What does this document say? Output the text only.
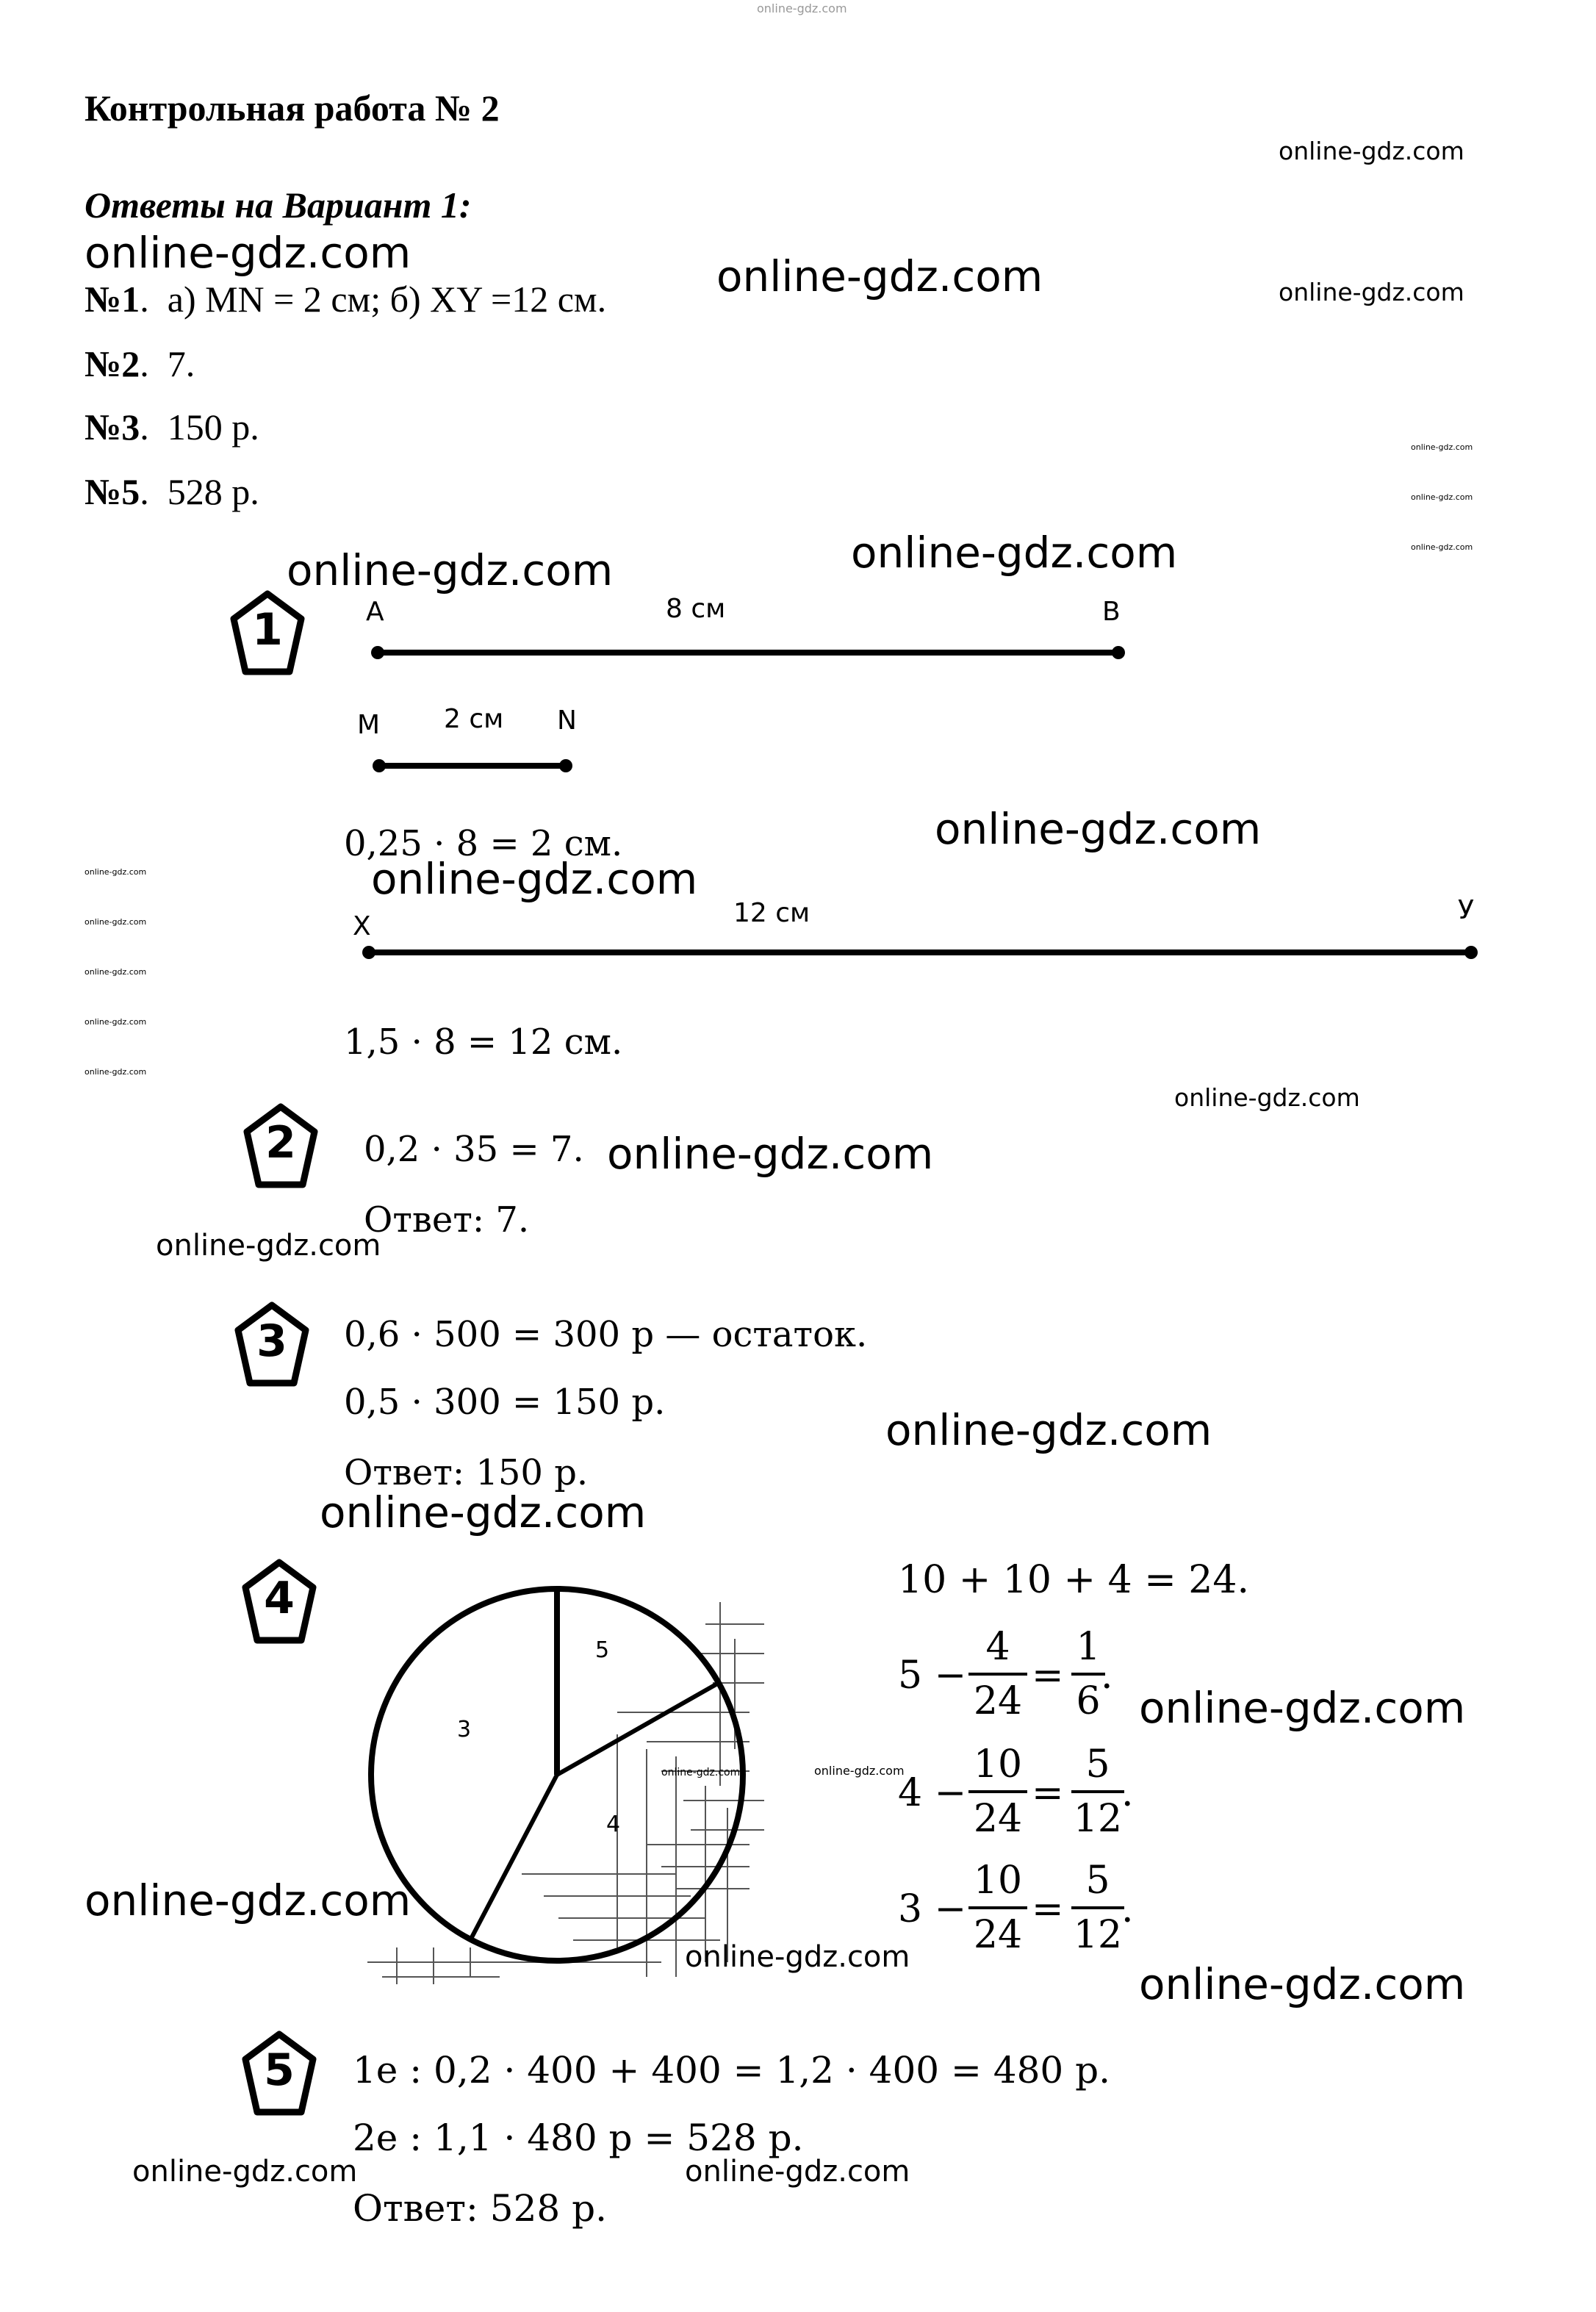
online-gdz.com
Контрольная работа № 2
Ответы на Вариант 1:
№1.  а) MN = 2 см; б) XY =12 см.
№2.  7.
№3.  150 р.
№5.  528 р.
1	A	B
8 см
M	N
2 см
X
У
12 см
0,25 · 8 = 2 см.
1,5 · 8 = 12 см.
2	0,2 · 35 = 7.
Ответ: 7.
3	0,6 · 500 = 300 р — остаток.
0,5 · 300 = 150 р.
Ответ: 150 р.
4
5
3
4
10 + 10 + 4 = 24.
5 −
4
24
=
1
6
.
4 −
10
24
=
5
12
.
3 −
10
24
=
5
12
.
5	1е : 0,2 · 400 + 400 = 1,2 · 400 = 480 р.
2е : 1,1 · 480 р = 528 р.
Ответ: 528 р.
online-gdz.com
online-gdz.com	online-gdz.com	online-gdz.com
online-gdz.com
online-gdz.com
online-gdz.com
online-gdz.com	online-gdz.com
online-gdz.com
online-gdz.com
online-gdz.com
online-gdz.com
online-gdz.com
online-gdz.com
online-gdz.com
online-gdz.com
online-gdz.com
online-gdz.com
online-gdz.com
online-gdz.com
online-gdz.com
online-gdz.com
online-gdz.com
online-gdz.com
online-gdz.com
online-gdz.com
online-gdz.com	online-gdz.com
